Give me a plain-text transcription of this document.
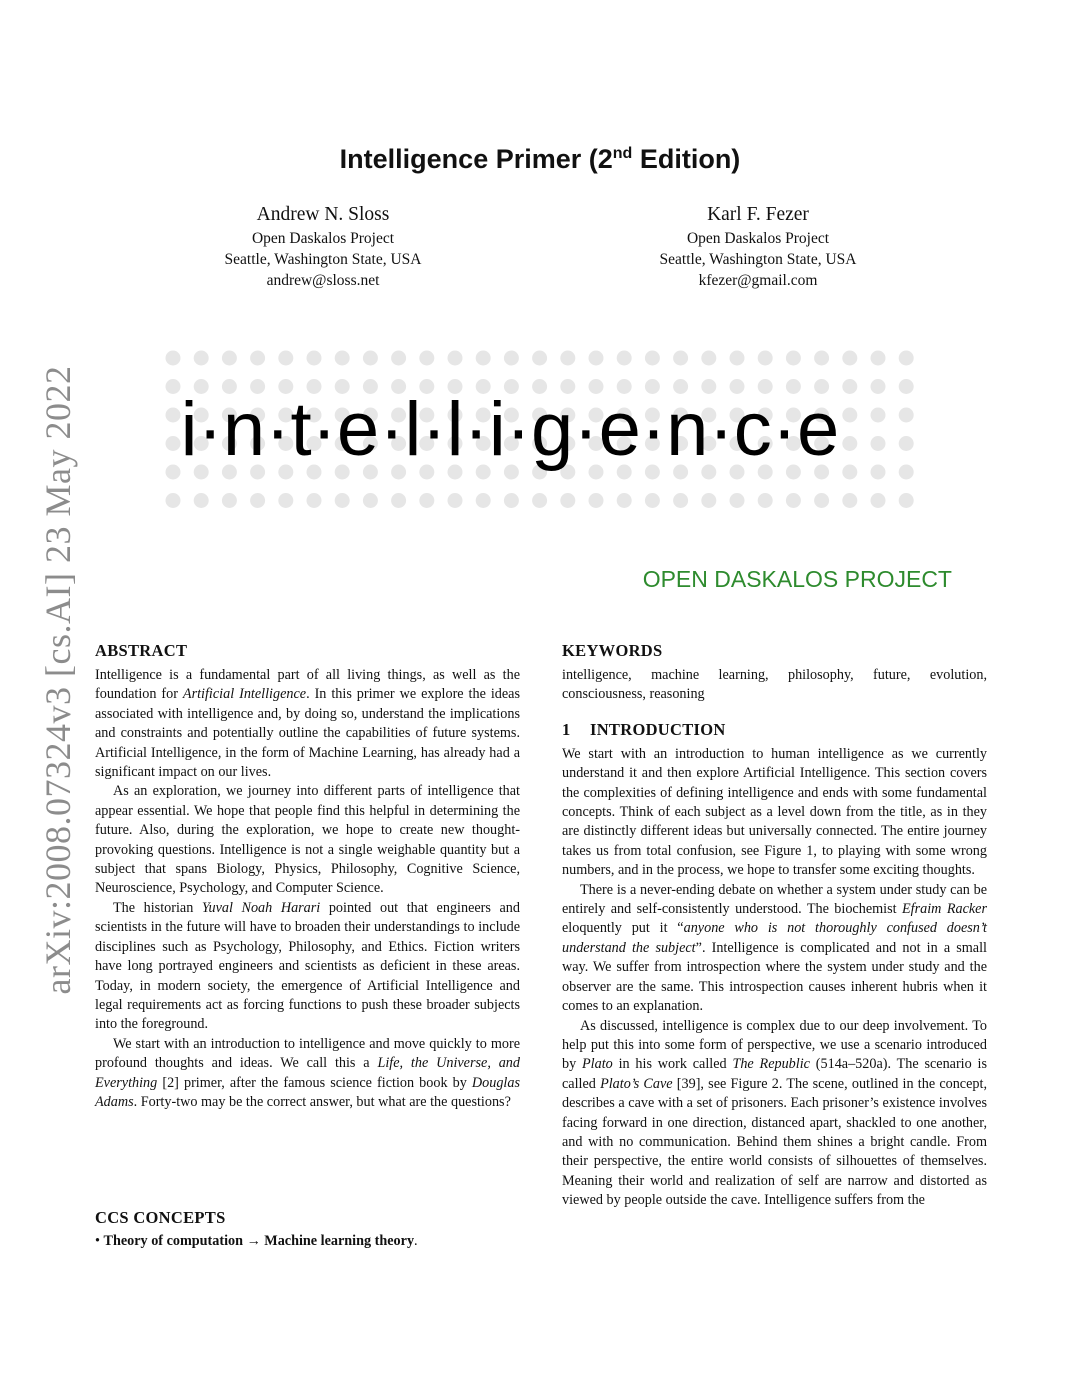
arXiv:2008.07324v3 [cs.AI] 23 May 2022
Intelligence Primer (2nd Edition)
Andrew N. Sloss
Open Daskalos Project
Seattle, Washington State, USA
andrew@sloss.net
Karl F. Fezer
Open Daskalos Project
Seattle, Washington State, USA
kfezer@gmail.com
i·n·t·e·l·l·i·g·e·n·c·e
OPEN DASKALOS PROJECT
ABSTRACT

Intelligence is a fundamental part of all living things, as well as the foundation for Artificial Intelligence. In this primer we explore the ideas associated with intelligence and, by doing so, understand the implications and constraints and potentially outline the capabilities of future systems. Artificial Intelligence, in the form of Machine Learning, has already had a significant impact on our lives.

As an exploration, we journey into different parts of intelligence that appear essential. We hope that people find this helpful in determining the future. Also, during the exploration, we hope to create new thought-provoking questions. Intelligence is not a single weighable quantity but a subject that spans Biology, Physics, Philosophy, Cognitive Science, Neuroscience, Psychology, and Computer Science.

The historian Yuval Noah Harari pointed out that engineers and scientists in the future will have to broaden their understandings to include disciplines such as Psychology, Philosophy, and Ethics. Fiction writers have long portrayed engineers and scientists as deficient in these areas. Today, in modern society, the emergence of Artificial Intelligence and legal requirements act as forcing functions to push these broader subjects into the foreground.

We start with an introduction to intelligence and move quickly to more profound thoughts and ideas. We call this a Life, the Universe, and Everything [2] primer, after the famous science fiction book by Douglas Adams. Forty-two may be the correct answer, but what are the questions?

CCS CONCEPTS
• Theory of computation → Machine learning theory.
KEYWORDS

intelligence, machine learning, philosophy, future, evolution, consciousness, reasoning

1 INTRODUCTION

We start with an introduction to human intelligence as we currently understand it and then explore Artificial Intelligence. This section covers the complexities of defining intelligence and ends with some fundamental concepts. Think of each subject as a level down from the title, as in they are distinctly different ideas but universally connected. The entire journey takes us from total confusion, see Figure 1, to playing with some wrong numbers, and in the process, we hope to transfer some exciting thoughts.

There is a never-ending debate on whether a system under study can be entirely and self-consistently understood. The biochemist Efraim Racker eloquently put it “anyone who is not thoroughly confused doesn’t understand the subject”. Intelligence is complicated and not in a small way. We suffer from introspection where the system under study and the observer are the same. This introspection causes inherent hubris when it comes to an explanation.

As discussed, intelligence is complex due to our deep involvement. To help put this into some form of perspective, we use a scenario introduced by Plato in his work called The Republic (514a–520a). The scenario is called Plato’s Cave [39], see Figure 2. The scene, outlined in the concept, describes a cave with a set of prisoners. Each prisoner’s existence involves facing forward in one direction, distanced apart, shackled to one another, and with no communication. Behind them shines a bright candle. From their perspective, the entire world consists of silhouettes of themselves. Meaning their world and realization of self are narrow and distorted as viewed by people outside the cave. Intelligence suffers from the
